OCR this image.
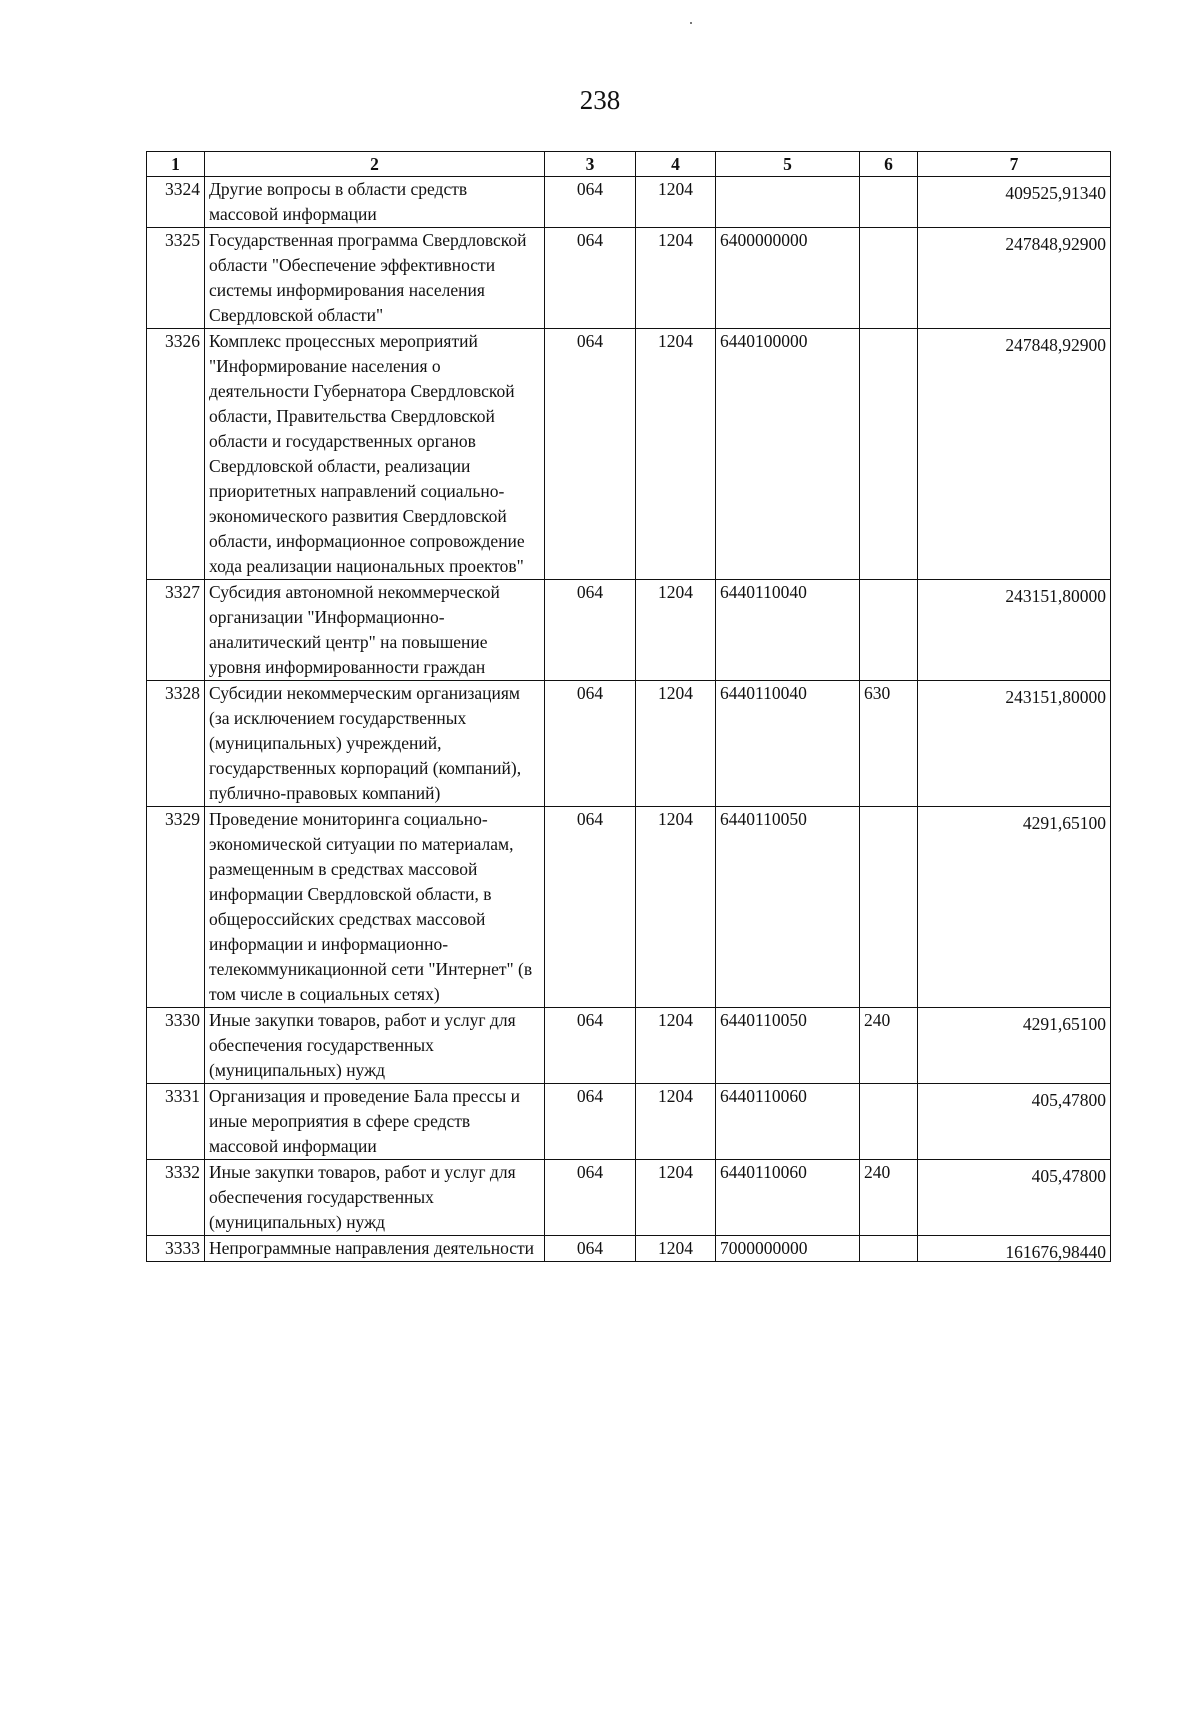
238
1	2	3	4	5	6	7
3324	Другие вопросы в области средств массовой информации	064	1204			409525,91340

3325	Государственная программа Свердловской области "Обеспечение эффективности системы информирования населения Свердловской области"	064	1204	6400000000		247848,92900

3326	Комплекс процессных мероприятий "Информирование населения о деятельности Губернатора Свердловской области, Правительства Свердловской области и государственных органов Свердловской области, реализации приоритетных направлений социально-экономического развития Свердловской области, информационное сопровождение хода реализации национальных проектов"	064	1204	6440100000		247848,92900

3327	Субсидия автономной некоммерческой организации "Информационно-аналитический центр" на повышение уровня информированности граждан	064	1204	6440110040		243151,80000

3328	Субсидии некоммерческим организациям (за исключением государственных (муниципальных) учреждений, государственных корпораций (компаний), публично-правовых компаний)	064	1204	6440110040	630	243151,80000

3329	Проведение мониторинга социально-экономической ситуации по материалам, размещенным в средствах массовой информации Свердловской области, в общероссийских средствах массовой информации и информационно-телекоммуникационной сети "Интернет" (в том числе в социальных сетях)	064	1204	6440110050		4291,65100

3330	Иные закупки товаров, работ и услуг для обеспечения государственных (муниципальных) нужд	064	1204	6440110050	240	4291,65100

3331	Организация и проведение Бала прессы и иные мероприятия в сфере средств массовой информации	064	1204	6440110060		405,47800

3332	Иные закупки товаров, работ и услуг для обеспечения государственных (муниципальных) нужд	064	1204	6440110060	240	405,47800

3333	Непрограммные направления деятельности	064	1204	7000000000		161676,98440
